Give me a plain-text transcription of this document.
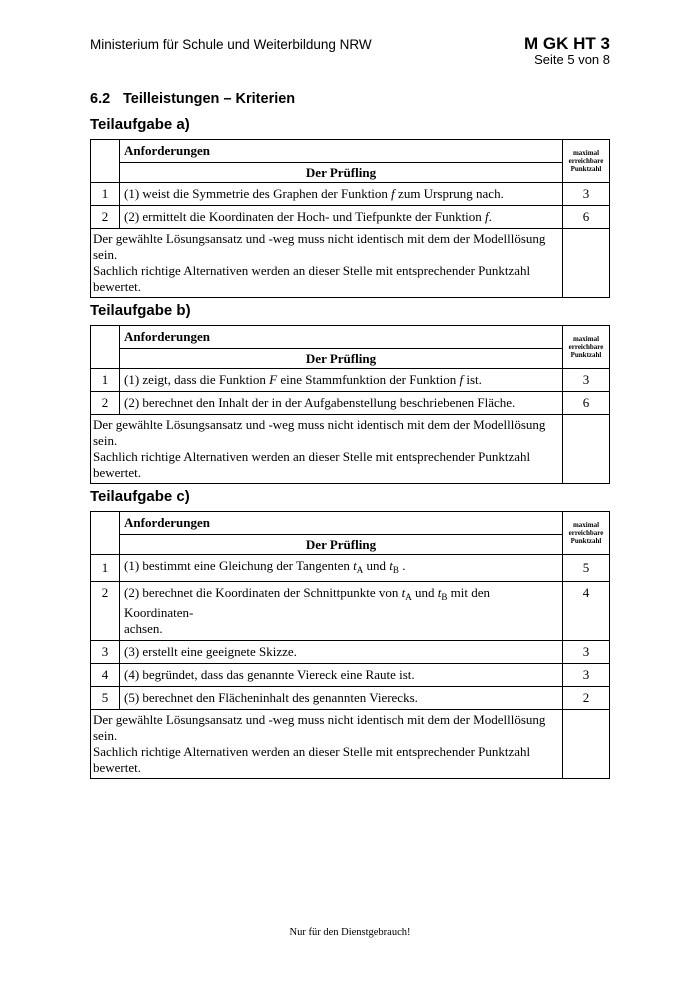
Ministerium für Schule und Weiterbildung NRW	M GK HT 3
Seite 5 von 8
6.2 Teilleistungen – Kriterien
Teilaufgabe a)
	Anforderungen	maximal
erreichbare
Punktzahl
	Der Prüfling	
1	(1) weist die Symmetrie des Graphen der Funktion f zum Ursprung nach.	3
2	(2) ermittelt die Koordinaten der Hoch- und Tiefpunkte der Funktion f.	6
Der gewählte Lösungsansatz und -weg muss nicht identisch mit dem der Modelllösung sein.
Sachlich richtige Alternativen werden an dieser Stelle mit entsprechender Punktzahl bewertet.		
Teilaufgabe b)
	Anforderungen	maximal
erreichbare
Punktzahl
	Der Prüfling	
1	(1) zeigt, dass die Funktion F eine Stammfunktion der Funktion f ist.	3
2	(2) berechnet den Inhalt der in der Aufgabenstellung beschriebenen Fläche.	6
Der gewählte Lösungsansatz und -weg muss nicht identisch mit dem der Modelllösung sein.
Sachlich richtige Alternativen werden an dieser Stelle mit entsprechender Punktzahl bewertet.		
Teilaufgabe c)
	Anforderungen	maximal
erreichbare
Punktzahl
	Der Prüfling	
1	(1) bestimmt eine Gleichung der Tangenten $t_A$ und $t_B$ .	5
2	(2) berechnet die Koordinaten der Schnittpunkte von $t_A$ und $t_B$ mit den Koordinaten-
achsen.	4
3	(3) erstellt eine geeignete Skizze.	3
4	(4) begründet, dass das genannte Viereck eine Raute ist.	3
5	(5) berechnet den Flächeninhalt des genannten Vierecks.	2
Der gewählte Lösungsansatz und -weg muss nicht identisch mit dem der Modelllösung sein.
Sachlich richtige Alternativen werden an dieser Stelle mit entsprechender Punktzahl bewertet.		
Nur für den Dienstgebrauch!
